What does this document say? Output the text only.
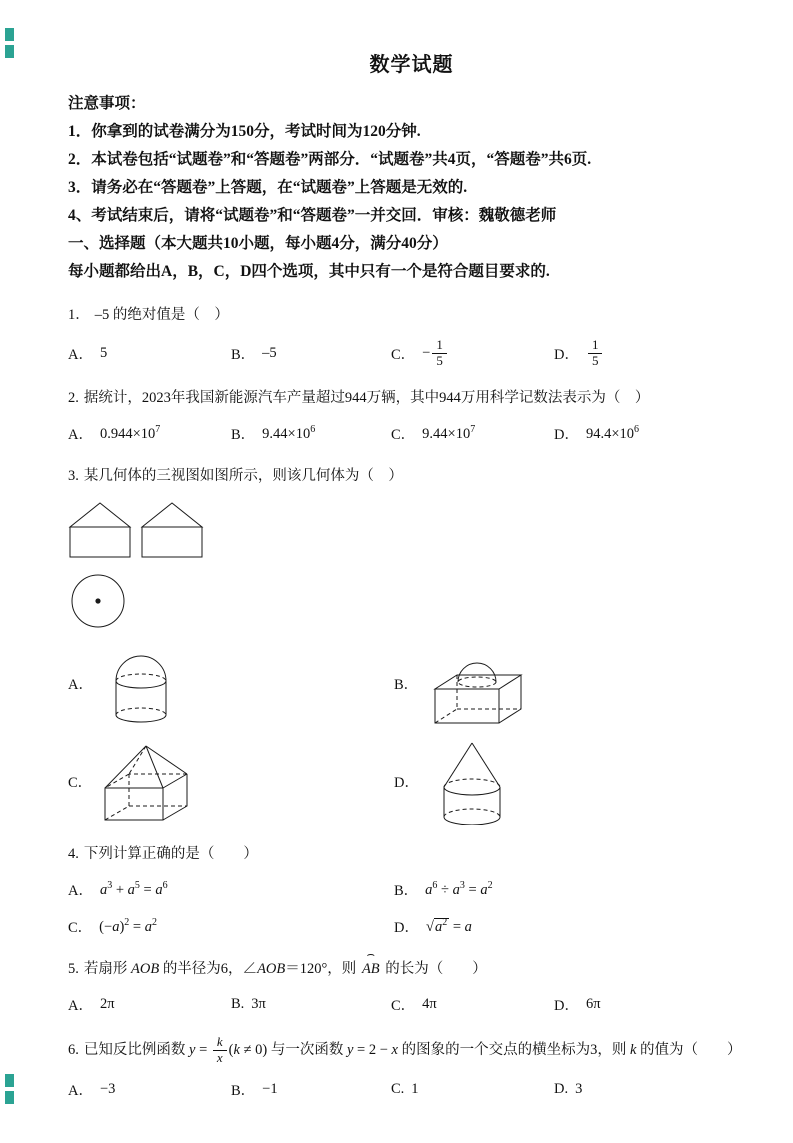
数学试题
注意事项：
1．你拿到的试卷满分为150分，考试时间为120分钟.
2．本试卷包括“试题卷”和“答题卷”两部分．“试题卷”共4页，“答题卷”共6页.
3．请务必在“答题卷”上答题，在“试题卷”上答题是无效的.
4、考试结束后，请将“试题卷”和“答题卷”一并交回．审核：魏敬德老师
一、选择题（本大题共10小题，每小题4分，满分40分）
每小题都给出A，B，C，D四个选项，其中只有一个是符合题目要求的.
1． –5 的绝对值是（　）
A． 5	B． –5	C． − $\frac{1}{5}$	D． $\frac{1}{5}$
2. 据统计，2023年我国新能源汽车产量超过944万辆，其中944万用科学记数法表示为（　）
A． $0.944\times 10^7$	B． $9.44\times 10^6$	C． $9.44\times 10^7$	D． $94.4\times 10^6$
3. 某几何体的三视图如图所示，则该几何体为（　）
A．	B．
C．	D．
4. 下列计算正确的是（　　）
A． $a^3 + a^5 = a^6$	B． $a^6 \div a^3 = a^2$
C． $(-a)^2 = a^2$	D． $√a^2 = a$
5. 若扇形 AOB 的半径为6，∠AOB＝120°，则 ⌢ AB 的长为（　　）
A． 2π	B. 3π	C． 4π	D． 6π
6. 已知反比例函数 $y = \frac{k}{x} (k \ne 0)$ 与一次函数 y = 2 − x 的图象的一个交点的横坐标为3，则 k 的值为（　　）
A． −3	B． −1	C. 1	D. 3
